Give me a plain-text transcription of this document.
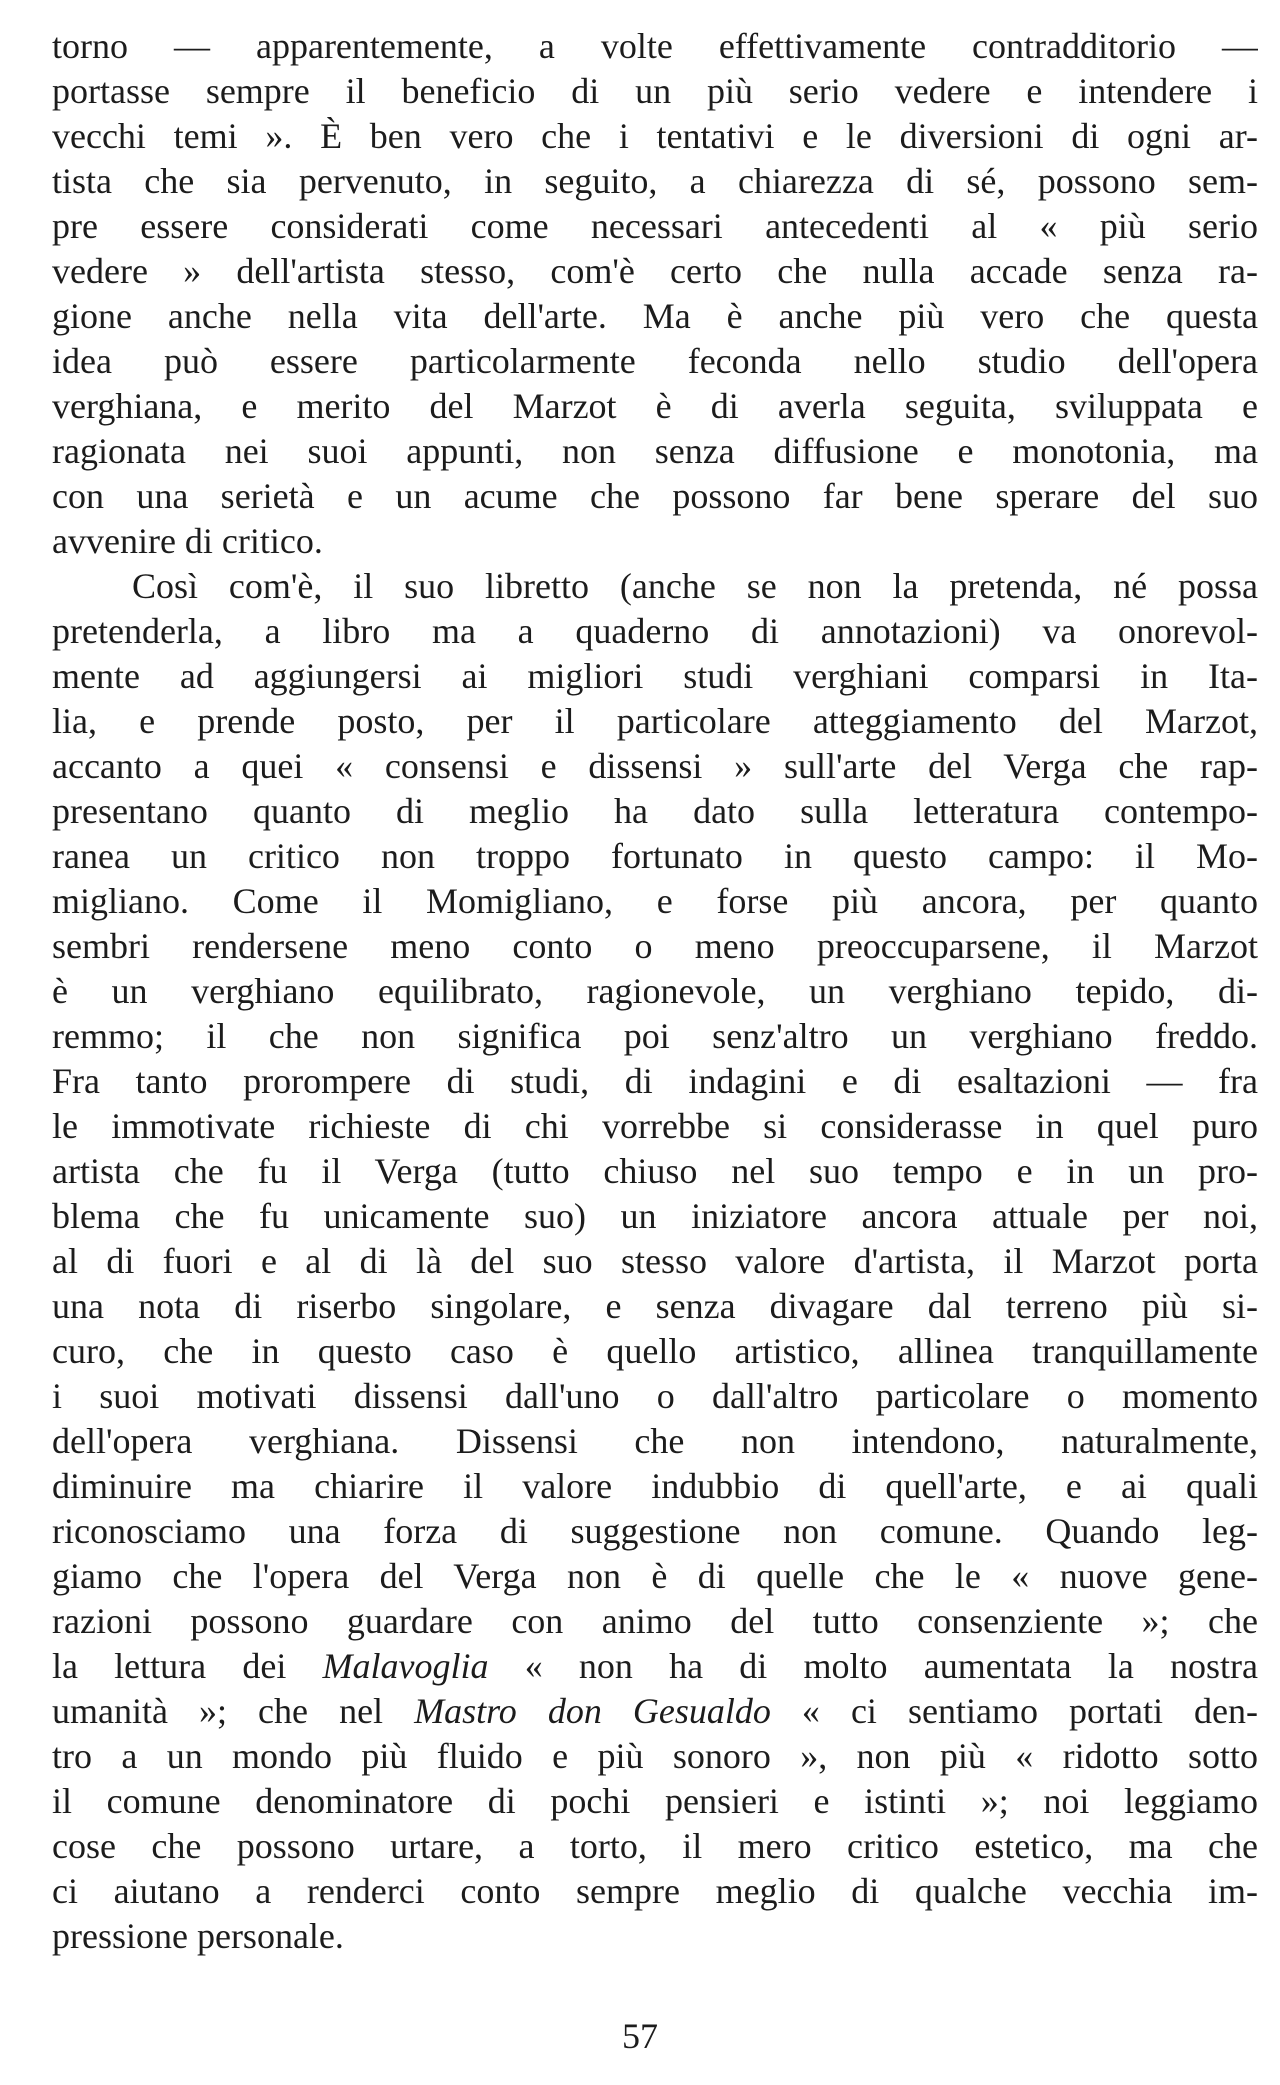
torno — apparentemente, a volte effettivamente contradditorio —
portasse sempre il beneficio di un più serio vedere e intendere i
vecchi temi ». È ben vero che i tentativi e le diversioni di ogni ar-
tista che sia pervenuto, in seguito, a chiarezza di sé, possono sem-
pre essere considerati come necessari antecedenti al « più serio
vedere » dell'artista stesso, com'è certo che nulla accade senza ra-
gione anche nella vita dell'arte. Ma è anche più vero che questa
idea può essere particolarmente feconda nello studio dell'opera
verghiana, e merito del Marzot è di averla seguita, sviluppata e
ragionata nei suoi appunti, non senza diffusione e monotonia, ma
con una serietà e un acume che possono far bene sperare del suo
avvenire di critico.
Così com'è, il suo libretto (anche se non la pretenda, né possa
pretenderla, a libro ma a quaderno di annotazioni) va onorevol-
mente ad aggiungersi ai migliori studi verghiani comparsi in Ita-
lia, e prende posto, per il particolare atteggiamento del Marzot,
accanto a quei « consensi e dissensi » sull'arte del Verga che rap-
presentano quanto di meglio ha dato sulla letteratura contempo-
ranea un critico non troppo fortunato in questo campo: il Mo-
migliano. Come il Momigliano, e forse più ancora, per quanto
sembri rendersene meno conto o meno preoccuparsene, il Marzot
è un verghiano equilibrato, ragionevole, un verghiano tepido, di-
remmo; il che non significa poi senz'altro un verghiano freddo.
Fra tanto prorompere di studi, di indagini e di esaltazioni — fra
le immotivate richieste di chi vorrebbe si considerasse in quel puro
artista che fu il Verga (tutto chiuso nel suo tempo e in un pro-
blema che fu unicamente suo) un iniziatore ancora attuale per noi,
al di fuori e al di là del suo stesso valore d'artista, il Marzot porta
una nota di riserbo singolare, e senza divagare dal terreno più si-
curo, che in questo caso è quello artistico, allinea tranquillamente
i suoi motivati dissensi dall'uno o dall'altro particolare o momento
dell'opera verghiana. Dissensi che non intendono, naturalmente,
diminuire ma chiarire il valore indubbio di quell'arte, e ai quali
riconosciamo una forza di suggestione non comune. Quando leg-
giamo che l'opera del Verga non è di quelle che le « nuove gene-
razioni possono guardare con animo del tutto consenziente »; che
la lettura dei Malavoglia « non ha di molto aumentata la nostra
umanità »; che nel Mastro don Gesualdo « ci sentiamo portati den-
tro a un mondo più fluido e più sonoro », non più « ridotto sotto
il comune denominatore di pochi pensieri e istinti »; noi leggiamo
cose che possono urtare, a torto, il mero critico estetico, ma che
ci aiutano a renderci conto sempre meglio di qualche vecchia im-
pressione personale.
57
